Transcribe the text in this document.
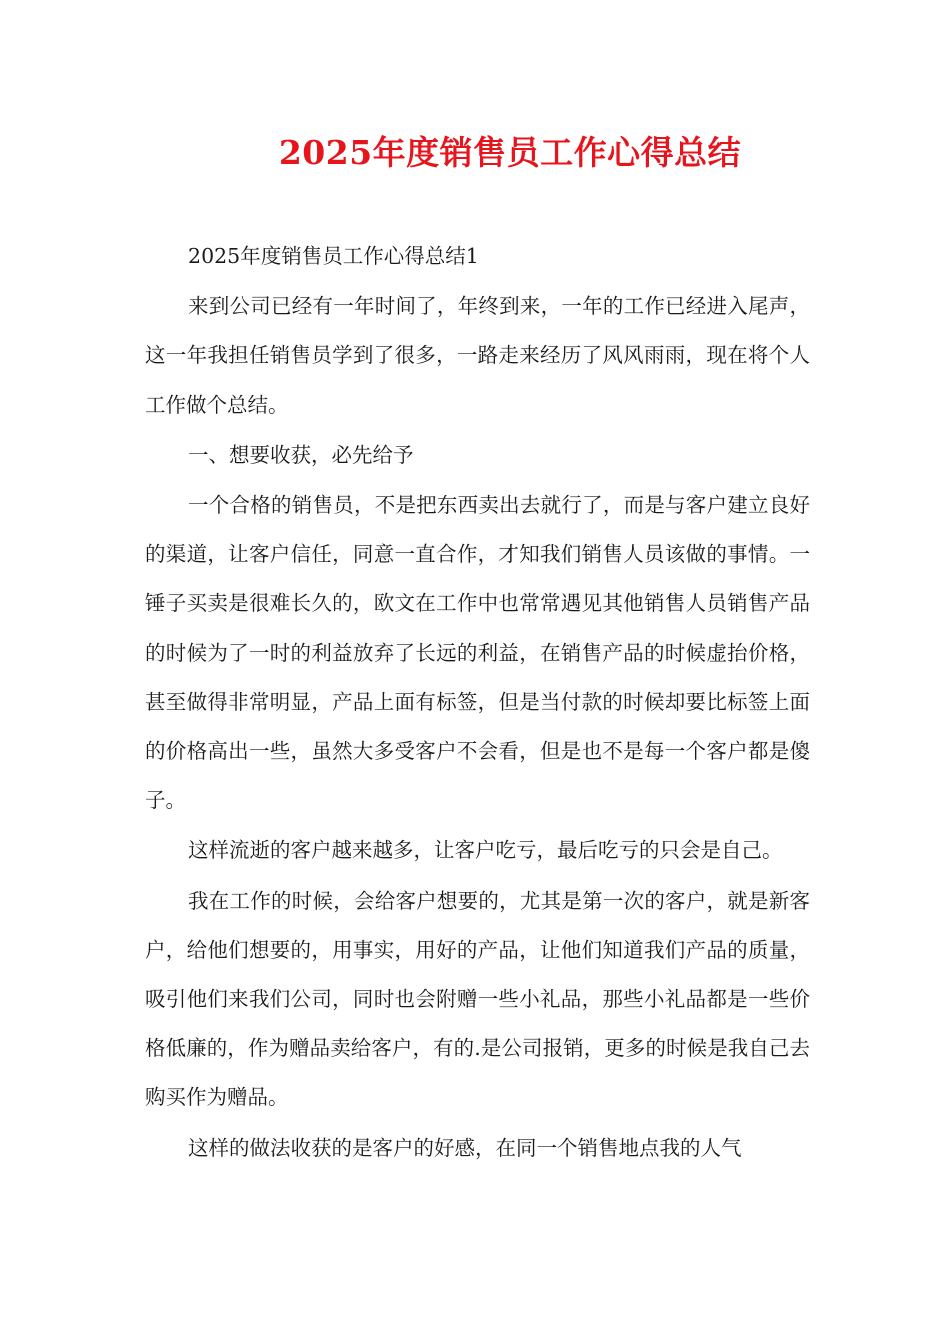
2025年度销售员工作心得总结

2025年度销售员工作心得总结1

来到公司已经有一年时间了，年终到来，一年的工作已经进入尾声，这一年我担任销售员学到了很多，一路走来经历了风风雨雨，现在将个人工作做个总结。

一、想要收获，必先给予

一个合格的销售员，不是把东西卖出去就行了，而是与客户建立良好的渠道，让客户信任，同意一直合作，才知我们销售人员该做的事情。一锤子买卖是很难长久的，欧文在工作中也常常遇见其他销售人员销售产品的时候为了一时的利益放弃了长远的利益，在销售产品的时候虚抬价格，甚至做得非常明显，产品上面有标签，但是当付款的时候却要比标签上面的价格高出一些，虽然大多受客户不会看，但是也不是每一个客户都是傻子。

这样流逝的客户越来越多，让客户吃亏，最后吃亏的只会是自己。

我在工作的时候，会给客户想要的，尤其是第一次的客户，就是新客户，给他们想要的，用事实，用好的产品，让他们知道我们产品的质量，吸引他们来我们公司，同时也会附赠一些小礼品，那些小礼品都是一些价格低廉的，作为赠品卖给客户，有的.是公司报销，更多的时候是我自己去购买作为赠品。

这样的做法收获的是客户的好感，在同一个销售地点我的人气
